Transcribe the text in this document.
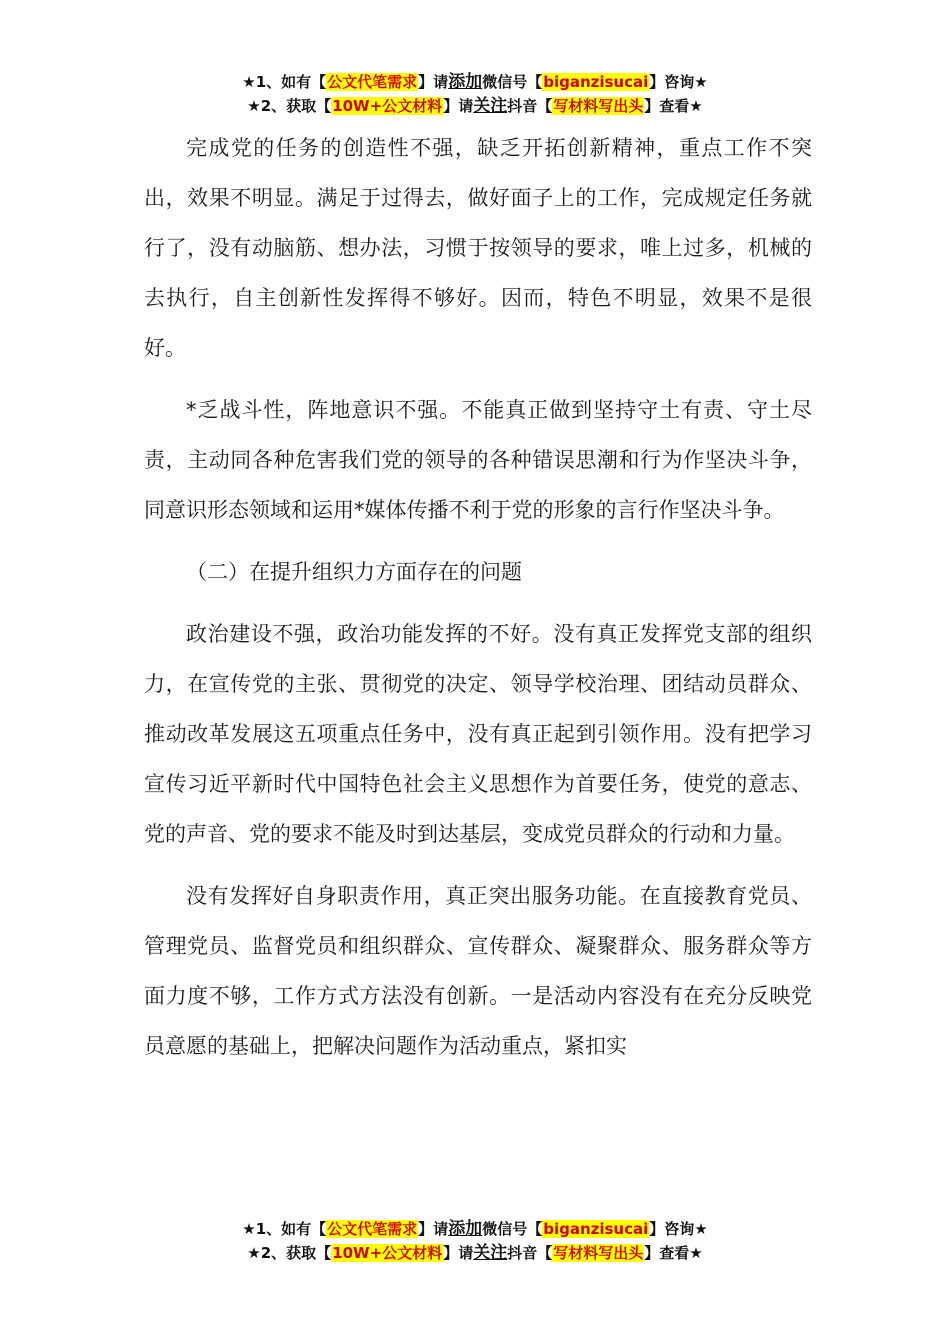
★1、如有【公文代笔需求】请添加微信号【biganzisucai】咨询★
★2、获取【10W+公文材料】请关注抖音【写材料写出头】查看★

完成党的任务的创造性不强，缺乏开拓创新精神，重点工作不突出，效果不明显。满足于过得去，做好面子上的工作，完成规定任务就行了，没有动脑筋、想办法，习惯于按领导的要求，唯上过多，机械的去执行，自主创新性发挥得不够好。因而，特色不明显，效果不是很好。

*乏战斗性，阵地意识不强。不能真正做到坚持守土有责、守土尽责，主动同各种危害我们党的领导的各种错误思潮和行为作坚决斗争，同意识形态领域和运用*媒体传播不利于党的形象的言行作坚决斗争。

（二）在提升组织力方面存在的问题

政治建设不强，政治功能发挥的不好。没有真正发挥党支部的组织力，在宣传党的主张、贯彻党的决定、领导学校治理、团结动员群众、推动改革发展这五项重点任务中，没有真正起到引领作用。没有把学习宣传习近平新时代中国特色社会主义思想作为首要任务，使党的意志、党的声音、党的要求不能及时到达基层，变成党员群众的行动和力量。

没有发挥好自身职责作用，真正突出服务功能。在直接教育党员、管理党员、监督党员和组织群众、宣传群众、凝聚群众、服务群众等方面力度不够，工作方式方法没有创新。一是活动内容没有在充分反映党员意愿的基础上，把解决问题作为活动重点，紧扣实

★1、如有【公文代笔需求】请添加微信号【biganzisucai】咨询★
★2、获取【10W+公文材料】请关注抖音【写材料写出头】查看★
